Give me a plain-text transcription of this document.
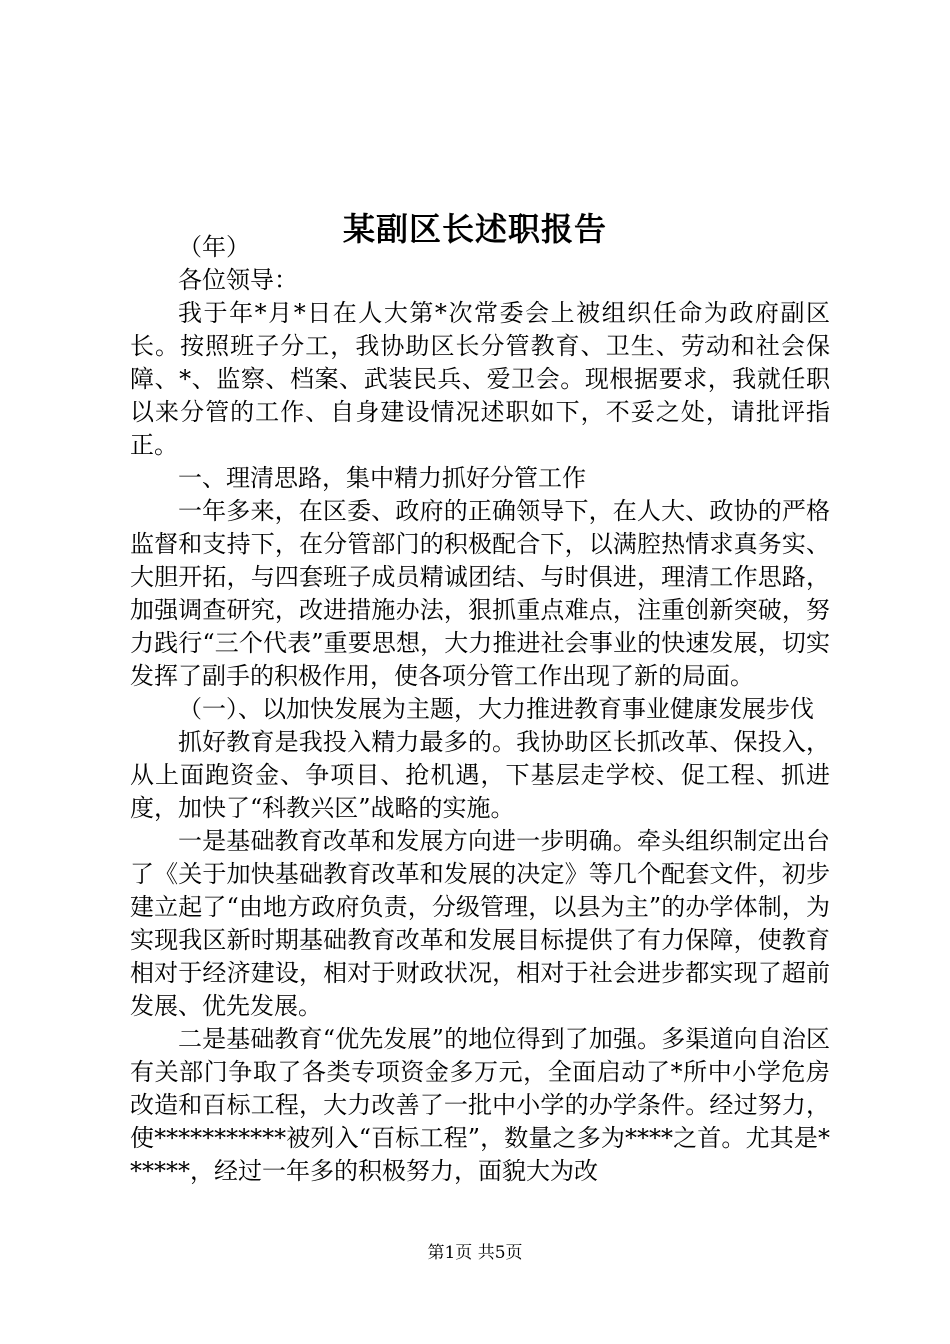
某副区长述职报告

（年）

各位领导：

我于年*月*日在人大第*次常委会上被组织任命为政府副区长。按照班子分工，我协助区长分管教育、卫生、劳动和社会保障、*、监察、档案、武装民兵、爱卫会。现根据要求，我就任职以来分管的工作、自身建设情况述职如下，不妥之处，请批评指正。

一、理清思路，集中精力抓好分管工作

一年多来，在区委、政府的正确领导下，在人大、政协的严格监督和支持下，在分管部门的积极配合下，以满腔热情求真务实、大胆开拓，与四套班子成员精诚团结、与时俱进，理清工作思路，加强调查研究，改进措施办法，狠抓重点难点，注重创新突破，努力践行“三个代表”重要思想，大力推进社会事业的快速发展，切实发挥了副手的积极作用，使各项分管工作出现了新的局面。

（一）、以加快发展为主题，大力推进教育事业健康发展步伐

抓好教育是我投入精力最多的。我协助区长抓改革、保投入，从上面跑资金、争项目、抢机遇，下基层走学校、促工程、抓进度，加快了“科教兴区”战略的实施。

一是基础教育改革和发展方向进一步明确。牵头组织制定出台了《关于加快基础教育改革和发展的决定》等几个配套文件，初步建立起了“由地方政府负责，分级管理，以县为主”的办学体制，为实现我区新时期基础教育改革和发展目标提供了有力保障，使教育相对于经济建设，相对于财政状况，相对于社会进步都实现了超前发展、优先发展。

二是基础教育“优先发展”的地位得到了加强。多渠道向自治区有关部门争取了各类专项资金多万元，全面启动了*所中小学危房改造和百标工程，大力改善了一批中小学的办学条件。经过努力，使***********被列入“百标工程”，数量之多为****之首。尤其是******，经过一年多的积极努力，面貌大为改

第1页 共5页
